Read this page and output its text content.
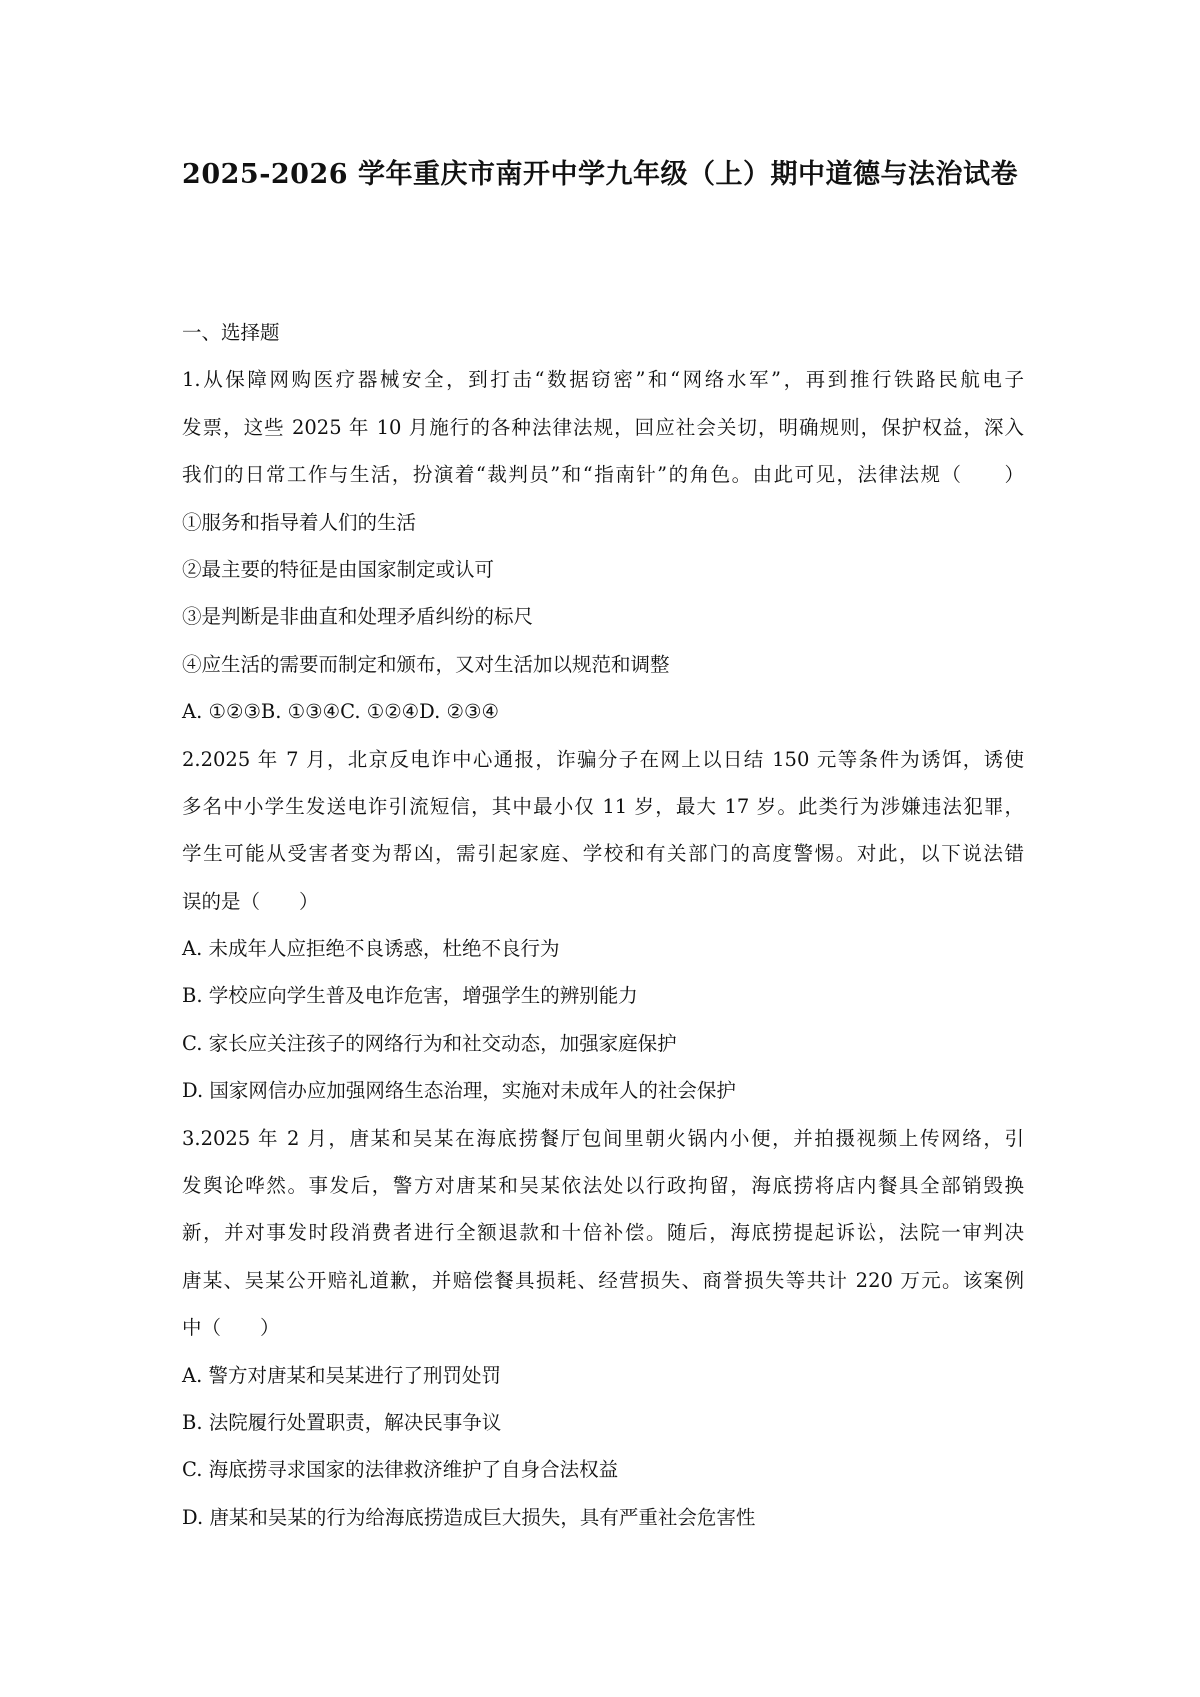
2025-2026 学年重庆市南开中学九年级（上）期中道德与法治试卷
一、选择题
1.从保障网购医疗器械安全，到打击“数据窃密”和“网络水军”，再到推行铁路民航电子
发票，这些 2025 年 10 月施行的各种法律法规，回应社会关切，明确规则，保护权益，深入
我们的日常工作与生活，扮演着“裁判员”和“指南针”的角色。由此可见，法律法规（　　）
①服务和指导着人们的生活
②最主要的特征是由国家制定或认可
③是判断是非曲直和处理矛盾纠纷的标尺
④应生活的需要而制定和颁布，又对生活加以规范和调整
A. ①②③B. ①③④C. ①②④D. ②③④
2.2025 年 7 月，北京反电诈中心通报，诈骗分子在网上以日结 150 元等条件为诱饵，诱使
多名中小学生发送电诈引流短信，其中最小仅 11 岁，最大 17 岁。此类行为涉嫌违法犯罪，
学生可能从受害者变为帮凶，需引起家庭、学校和有关部门的高度警惕。对此，以下说法错
误的是（　　）
A. 未成年人应拒绝不良诱惑，杜绝不良行为
B. 学校应向学生普及电诈危害，增强学生的辨别能力
C. 家长应关注孩子的网络行为和社交动态，加强家庭保护
D. 国家网信办应加强网络生态治理，实施对未成年人的社会保护
3.2025 年 2 月，唐某和吴某在海底捞餐厅包间里朝火锅内小便，并拍摄视频上传网络，引
发舆论哗然。事发后，警方对唐某和吴某依法处以行政拘留，海底捞将店内餐具全部销毁换
新，并对事发时段消费者进行全额退款和十倍补偿。随后，海底捞提起诉讼，法院一审判决
唐某、吴某公开赔礼道歉，并赔偿餐具损耗、经营损失、商誉损失等共计 220 万元。该案例
中（　　）
A. 警方对唐某和吴某进行了刑罚处罚
B. 法院履行处置职责，解决民事争议
C. 海底捞寻求国家的法律救济维护了自身合法权益
D. 唐某和吴某的行为给海底捞造成巨大损失，具有严重社会危害性
